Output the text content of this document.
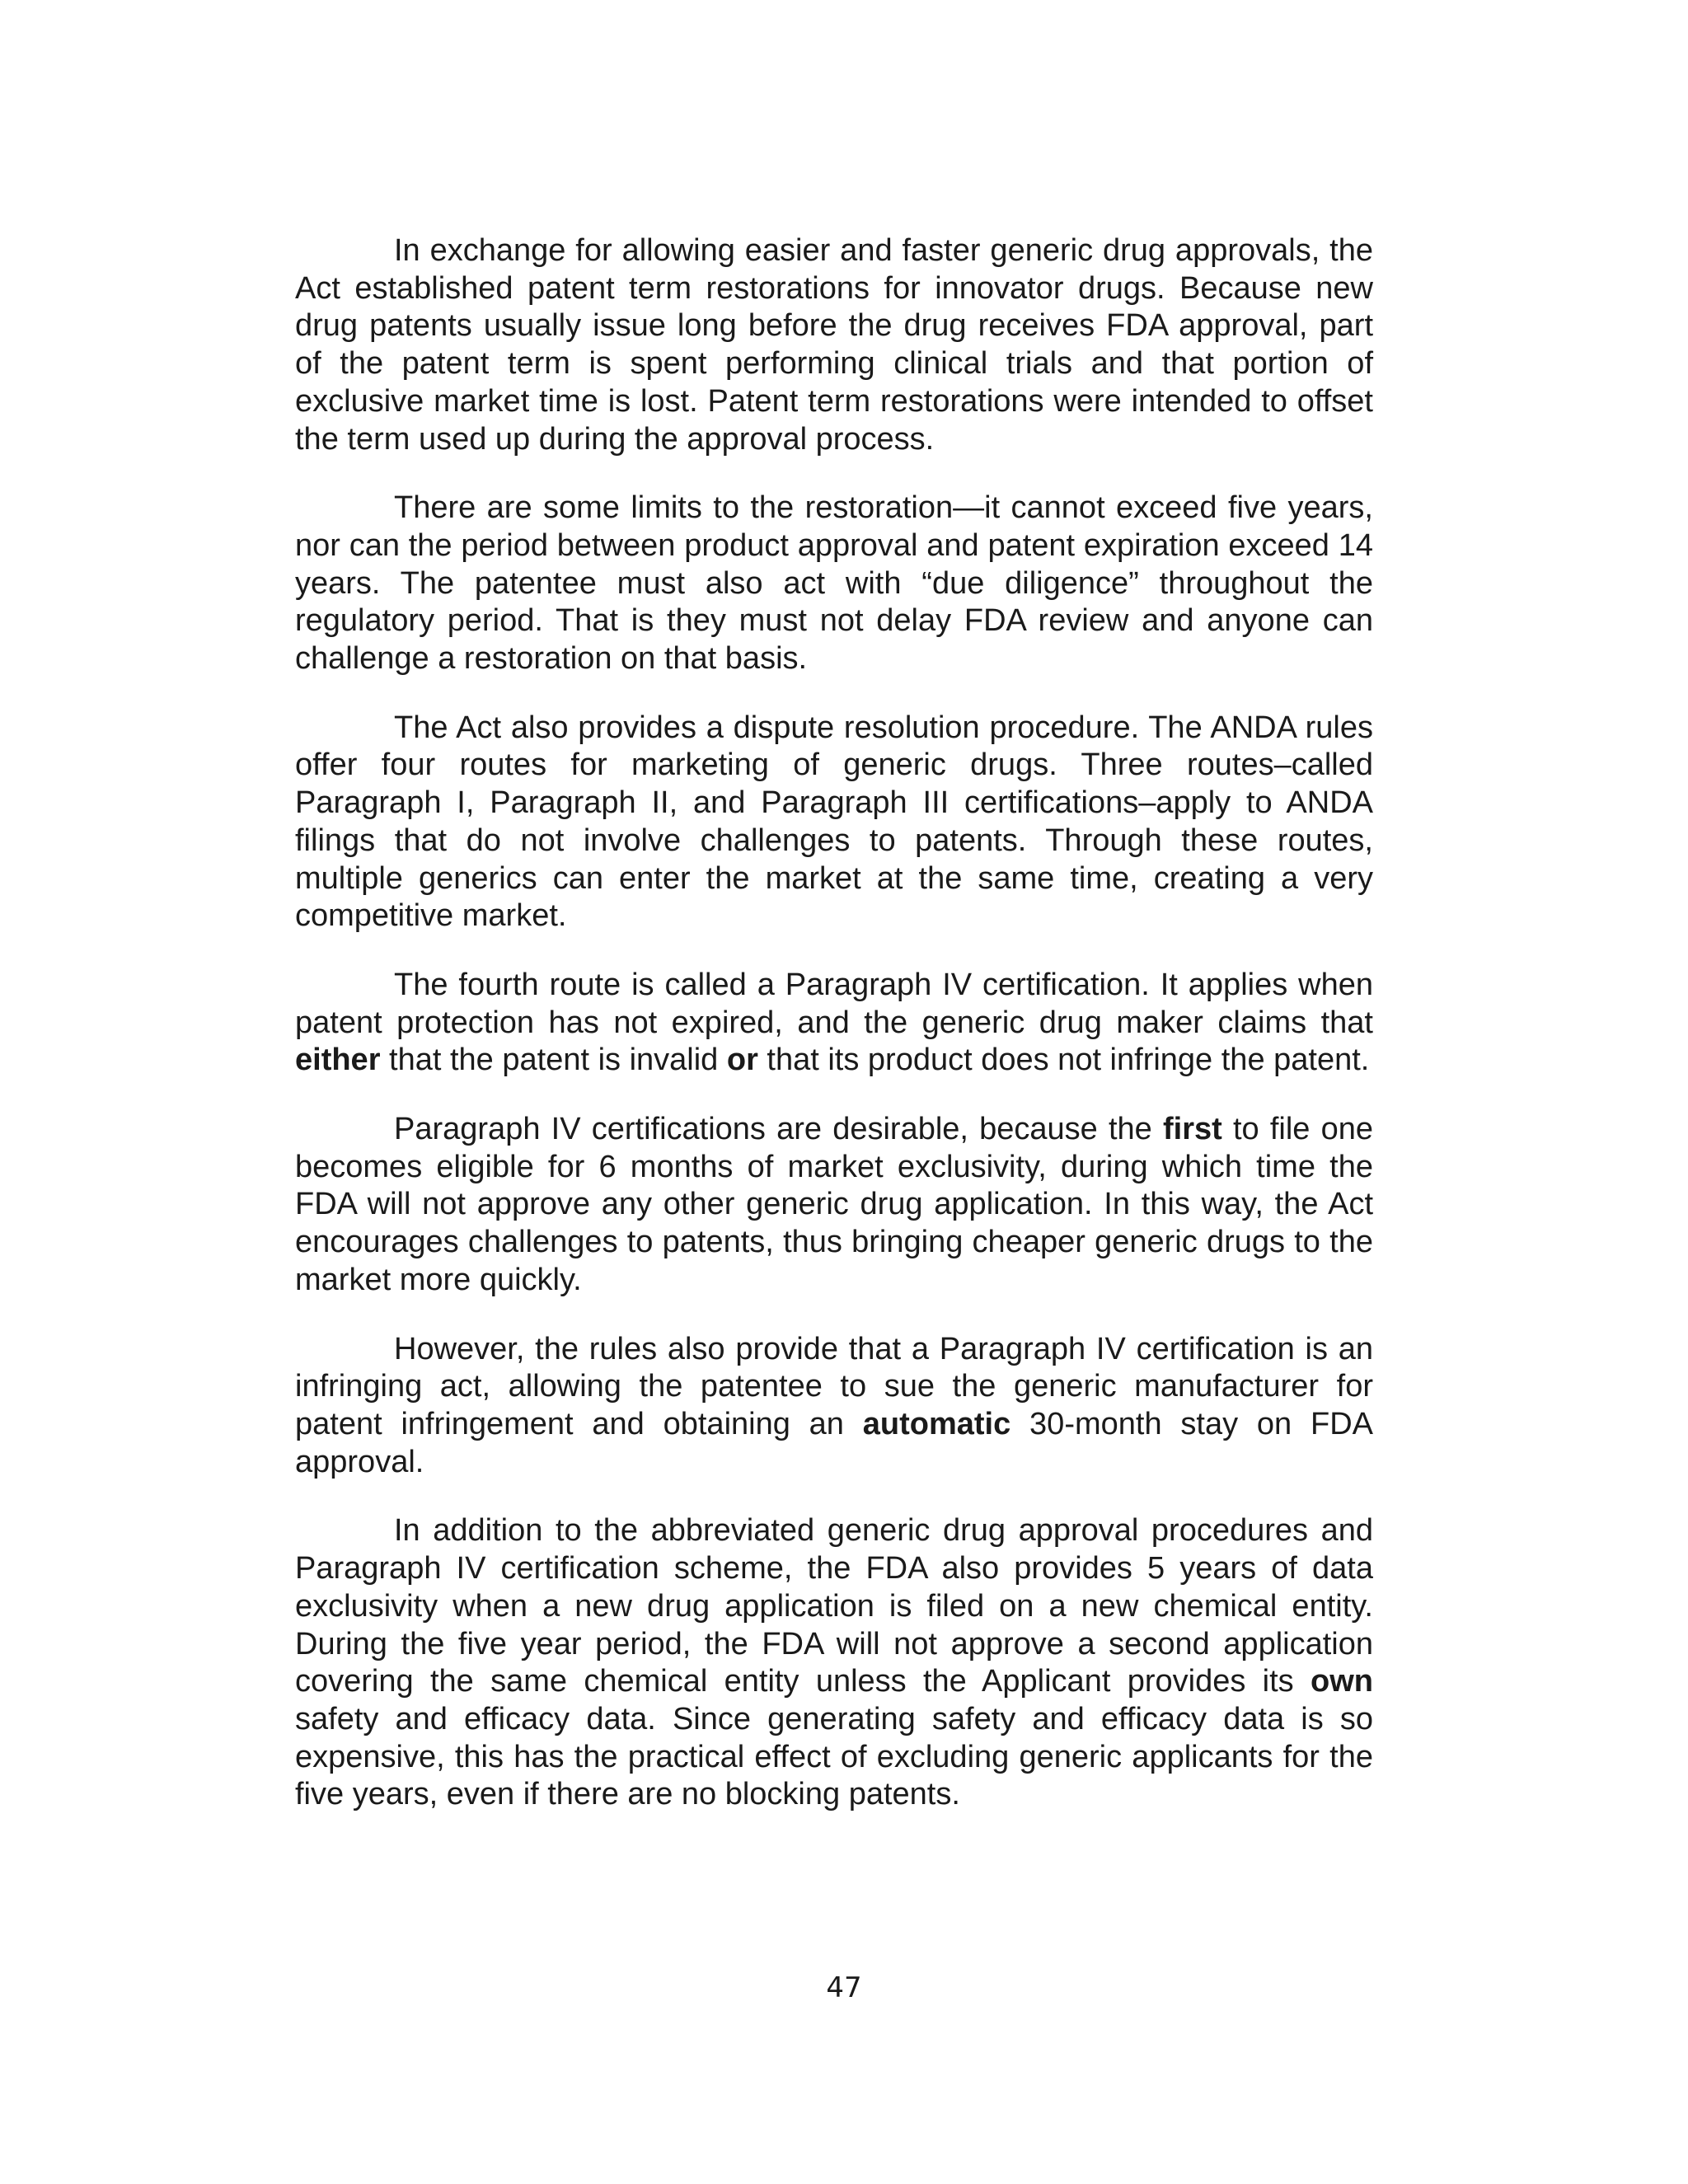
In exchange for allowing easier and faster generic drug approvals, the Act established patent term restorations for innovator drugs. Because new drug patents usually issue long before the drug receives FDA approval, part of the patent term is spent performing clinical trials and that portion of exclusive market time is lost. Patent term restorations were intended to offset the term used up during the approval process.

There are some limits to the restoration—it cannot exceed five years, nor can the period between product approval and patent expiration exceed 14 years. The patentee must also act with “due diligence” throughout the regulatory period. That is they must not delay FDA review and anyone can challenge a restoration on that basis.

The Act also provides a dispute resolution procedure. The ANDA rules offer four routes for marketing of generic drugs. Three routes–called Paragraph I, Paragraph II, and Paragraph III certifications–apply to ANDA filings that do not involve challenges to patents. Through these routes, multiple generics can enter the market at the same time, creating a very competitive market.

The fourth route is called a Paragraph IV certification. It applies when patent protection has not expired, and the generic drug maker claims that either that the patent is invalid or that its product does not infringe the patent.

Paragraph IV certifications are desirable, because the first to file one becomes eligible for 6 months of market exclusivity, during which time the FDA will not approve any other generic drug application. In this way, the Act encourages challenges to patents, thus bringing cheaper generic drugs to the market more quickly.

However, the rules also provide that a Paragraph IV certification is an infringing act, allowing the patentee to sue the generic manufacturer for patent infringement and obtaining an automatic 30-month stay on FDA approval.

In addition to the abbreviated generic drug approval procedures and Paragraph IV certification scheme, the FDA also provides 5 years of data exclusivity when a new drug application is filed on a new chemical entity. During the five year period, the FDA will not approve a second application covering the same chemical entity unless the Applicant provides its own safety and efficacy data. Since generating safety and efficacy data is so expensive, this has the practical effect of excluding generic applicants for the five years, even if there are no blocking patents.

47
